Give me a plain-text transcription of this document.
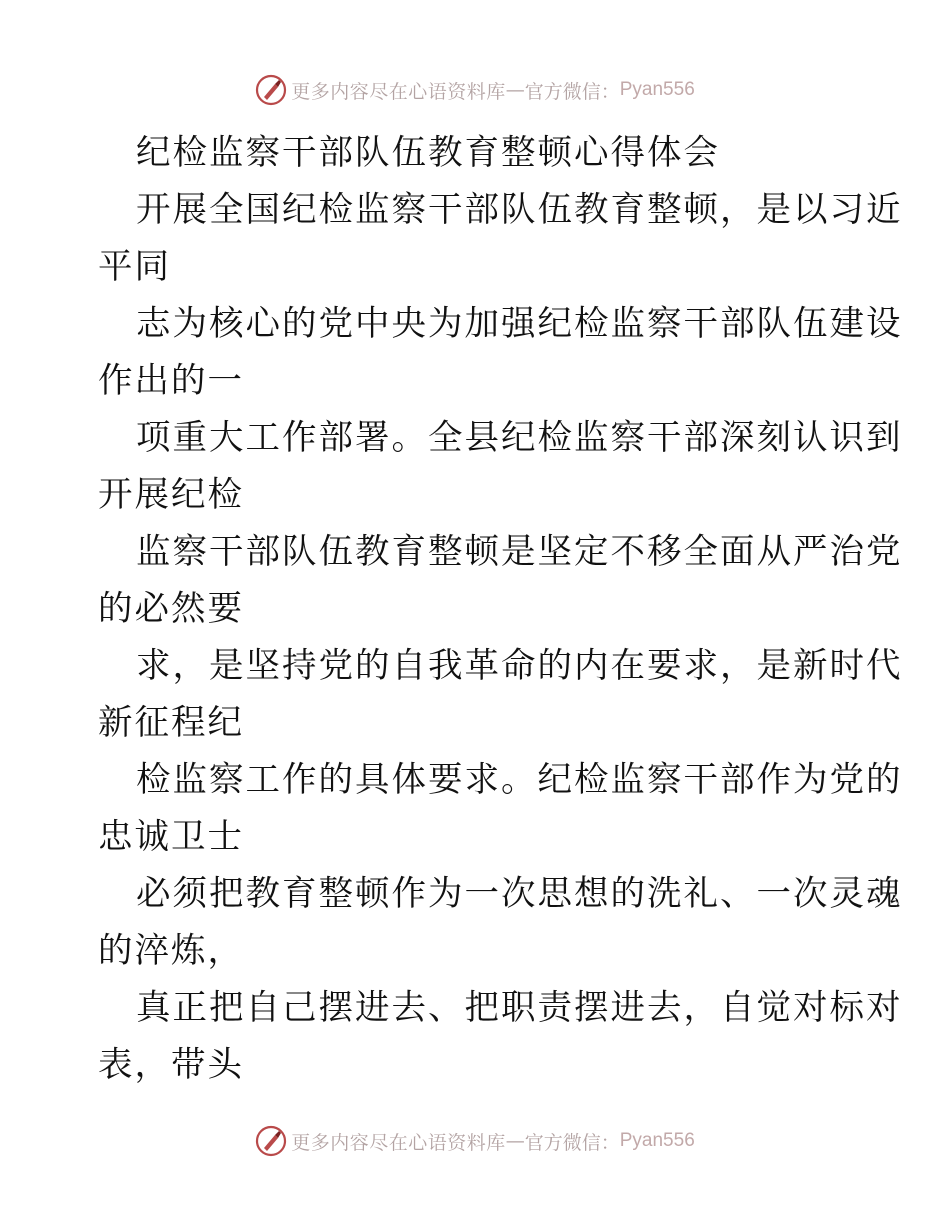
更多内容尽在心语资料库 — 官方微信： Pyan556
纪检监察干部队伍教育整顿心得体会
开展全国纪检监察干部队伍教育整顿，是以习近
平同
志为核心的党中央为加强纪检监察干部队伍建设
作出的一
项重大工作部署。全县纪检监察干部深刻认识到
开展纪检
监察干部队伍教育整顿是坚定不移全面从严治党
的必然要
求，是坚持党的自我革命的内在要求，是新时代
新征程纪
检监察工作的具体要求。纪检监察干部作为党的
忠诚卫士
必须把教育整顿作为一次思想的洗礼、一次灵魂
的淬炼，
真正把自己摆进去、把职责摆进去，自觉对标对
表，带头
更多内容尽在心语资料库 — 官方微信： Pyan556
